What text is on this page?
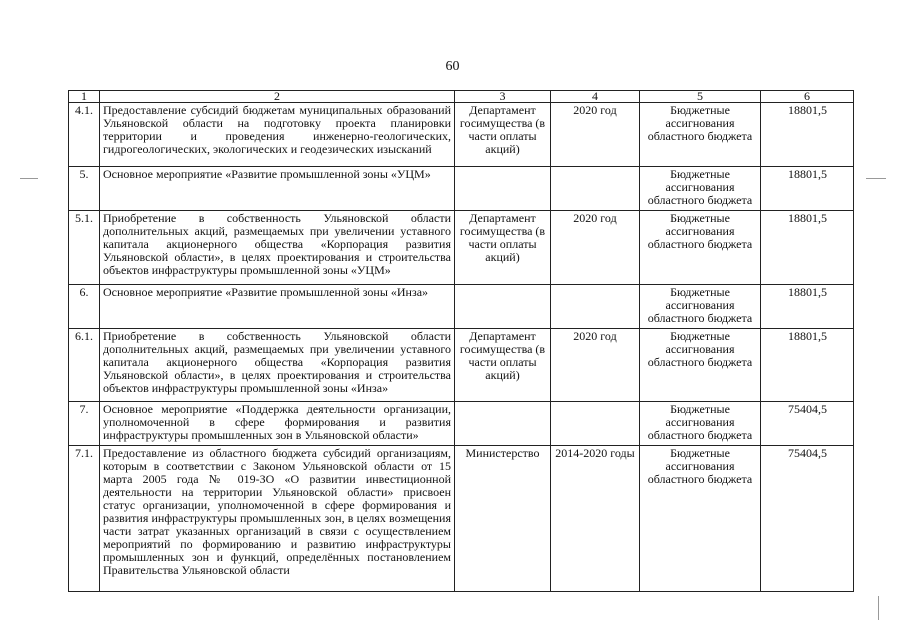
60
1	2	3	4	5	6
4.1.	Предоставление субсидий бюджетам муниципальных образований Ульяновской области на подготовку проекта планировки территории и проведения инженерно-геологических, гидрогеологических, экологических и геодезических изысканий	Департамент госимущества (в части оплаты акций)	2020 год	Бюджетные ассигнования областного бюджета	18801,5
5.	Основное мероприятие «Развитие промышленной зоны «УЦМ»			Бюджетные ассигнования областного бюджета	18801,5
5.1.	Приобретение в собственность Ульяновской области дополнительных акций, размещаемых при увеличении уставного капитала акционерного общества «Корпорация развития Ульяновской области», в целях проектирования и строительства объектов инфраструктуры промышленной зоны «УЦМ»	Департамент госимущества (в части оплаты акций)	2020 год	Бюджетные ассигнования областного бюджета	18801,5
6.	Основное мероприятие «Развитие промышленной зоны «Инза»			Бюджетные ассигнования областного бюджета	18801,5
6.1.	Приобретение в собственность Ульяновской области дополнительных акций, размещаемых при увеличении уставного капитала акционерного общества «Корпорация развития Ульяновской области», в целях проектирования и строительства объектов инфраструктуры промышленной зоны «Инза»	Департамент госимущества (в части оплаты акций)	2020 год	Бюджетные ассигнования областного бюджета	18801,5
7.	Основное мероприятие «Поддержка деятельности организации, уполномоченной в сфере формирования и развития инфраструктуры промышленных зон в Ульяновской области»			Бюджетные ассигнования областного бюджета	75404,5
7.1.	Предоставление из областного бюджета субсидий организациям, которым в соответствии с Законом Ульяновской области от 15 марта 2005 года № 019-ЗО «О развитии инвестиционной деятельности на территории Ульяновской области» присвоен статус организации, уполномоченной в сфере формирования и развития инфраструктуры промышленных зон, в целях возмещения части затрат указанных организаций в связи с осуществлением мероприятий по формированию и развитию инфраструктуры промышленных зон и функций, определённых постановлением Правительства Ульяновской области	Министерство	2014-2020 годы	Бюджетные ассигнования областного бюджета	75404,5
